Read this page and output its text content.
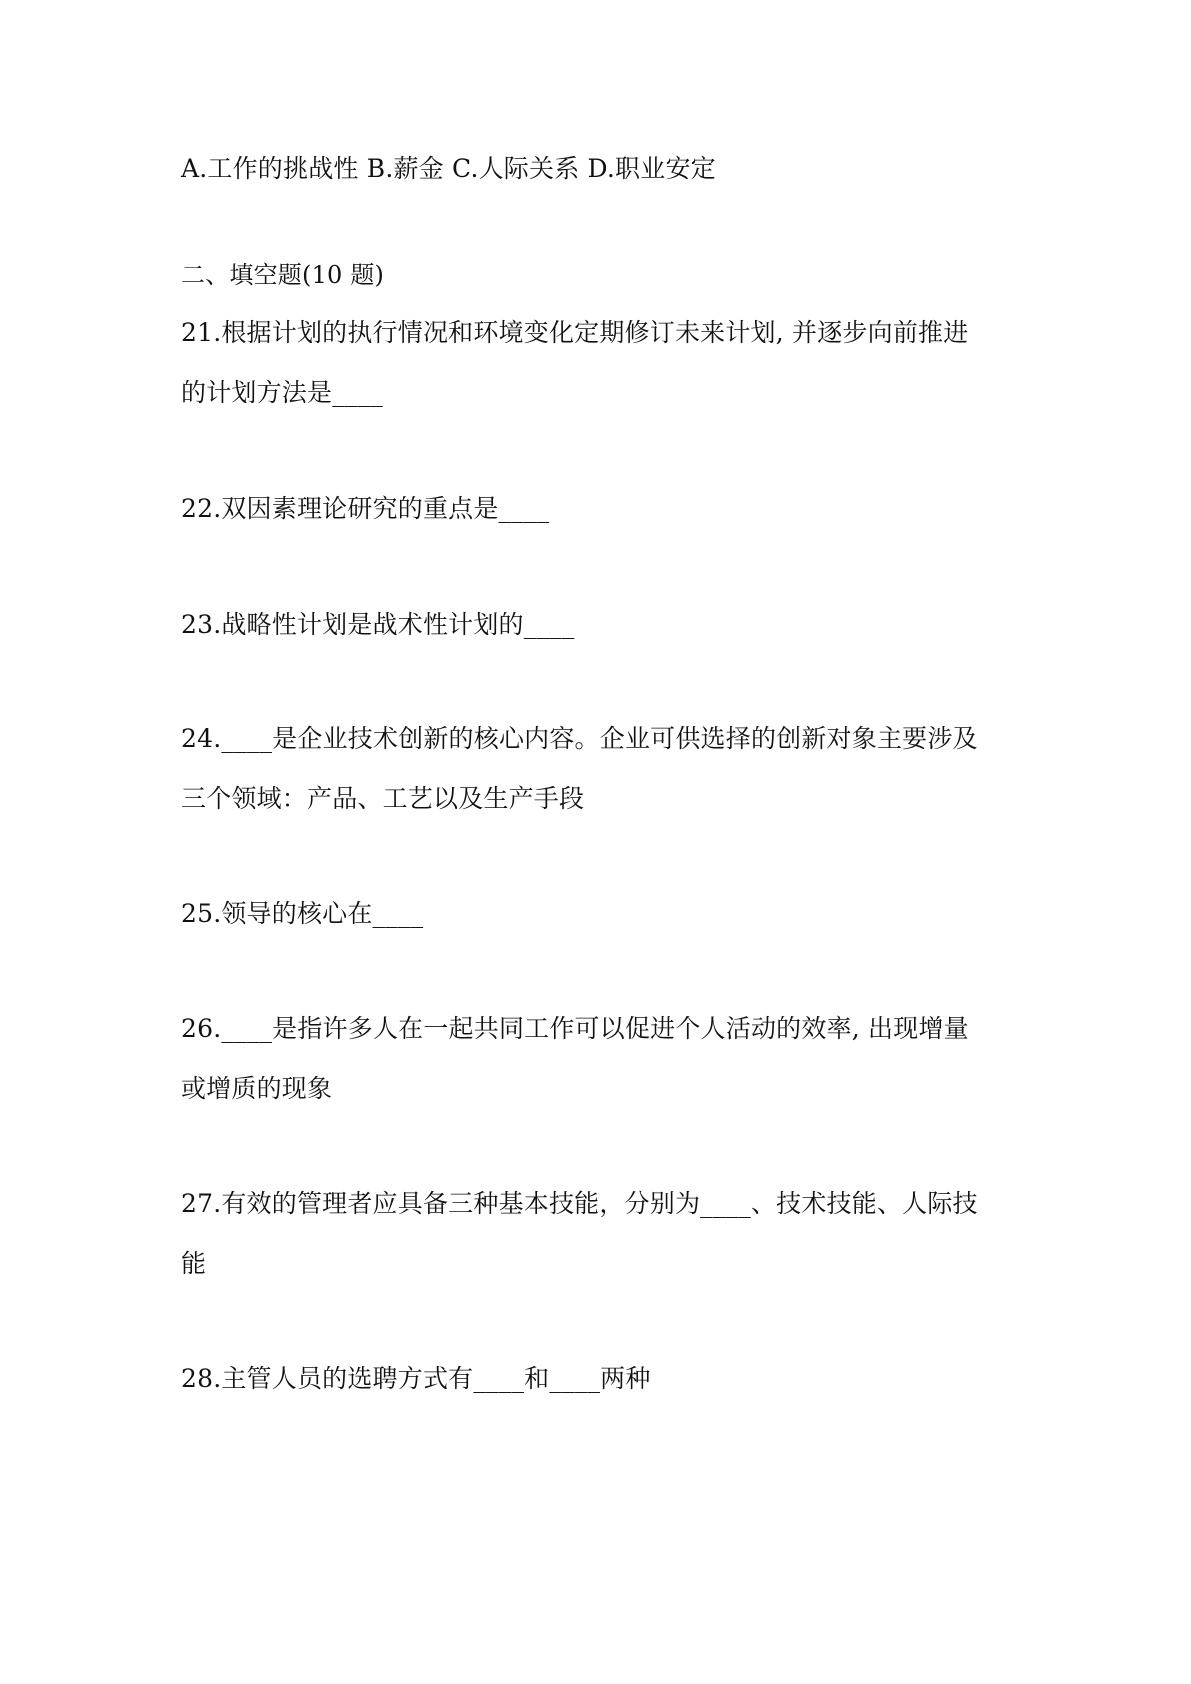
A.工作的挑战性 B.薪金 C.人际关系 D.职业安定
二、填空题(10 题)
21.根据计划的执行情况和环境变化定期修订未来计划, 并逐步向前推进
的计划方法是____
22.双因素理论研究的重点是____
23.战略性计划是战术性计划的____
24.____是企业技术创新的核心内容。企业可供选择的创新对象主要涉及
三个领域：产品、工艺以及生产手段
25.领导的核心在____
26.____是指许多人在一起共同工作可以促进个人活动的效率, 出现增量
或增质的现象
27.有效的管理者应具备三种基本技能，分别为____、技术技能、人际技
能
28.主管人员的选聘方式有____和____两种
